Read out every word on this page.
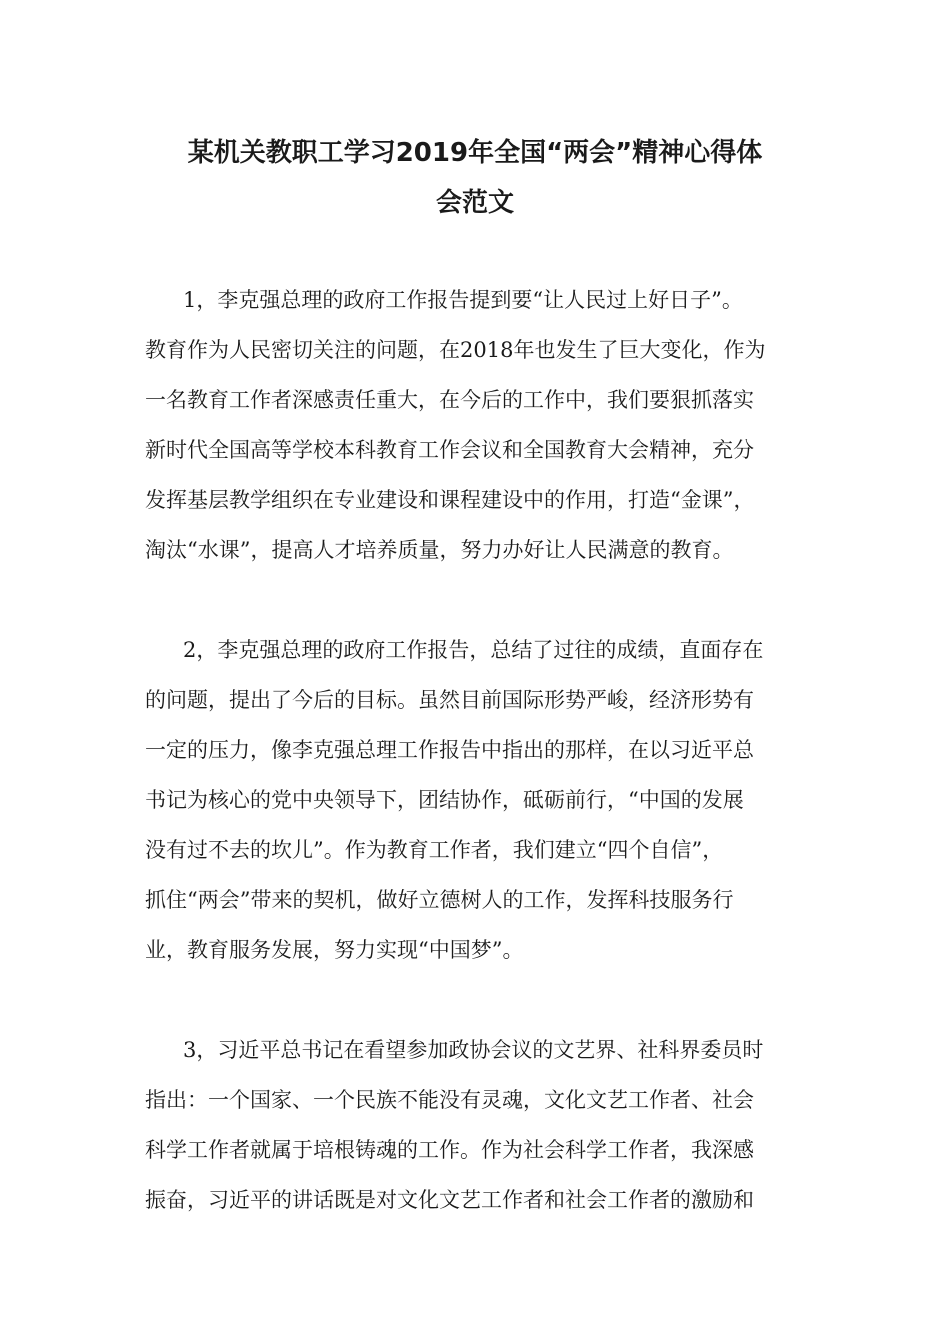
某机关教职工学习2019年全国“两会”精神心得体
会范文

1，李克强总理的政府工作报告提到要“让人民过上好日子”。
教育作为人民密切关注的问题，在2018年也发生了巨大变化，作为
一名教育工作者深感责任重大，在今后的工作中，我们要狠抓落实
新时代全国高等学校本科教育工作会议和全国教育大会精神，充分
发挥基层教学组织在专业建设和课程建设中的作用，打造“金课”，
淘汰“水课”，提高人才培养质量，努力办好让人民满意的教育。

2，李克强总理的政府工作报告，总结了过往的成绩，直面存在
的问题，提出了今后的目标。虽然目前国际形势严峻，经济形势有
一定的压力，像李克强总理工作报告中指出的那样，在以习近平总
书记为核心的党中央领导下，团结协作，砥砺前行，“中国的发展
没有过不去的坎儿”。作为教育工作者，我们建立“四个自信”，
抓住“两会”带来的契机，做好立德树人的工作，发挥科技服务行
业，教育服务发展，努力实现“中国梦”。

3，习近平总书记在看望参加政协会议的文艺界、社科界委员时
指出：一个国家、一个民族不能没有灵魂，文化文艺工作者、社会
科学工作者就属于培根铸魂的工作。作为社会科学工作者，我深感
振奋，习近平的讲话既是对文化文艺工作者和社会工作者的激励和
